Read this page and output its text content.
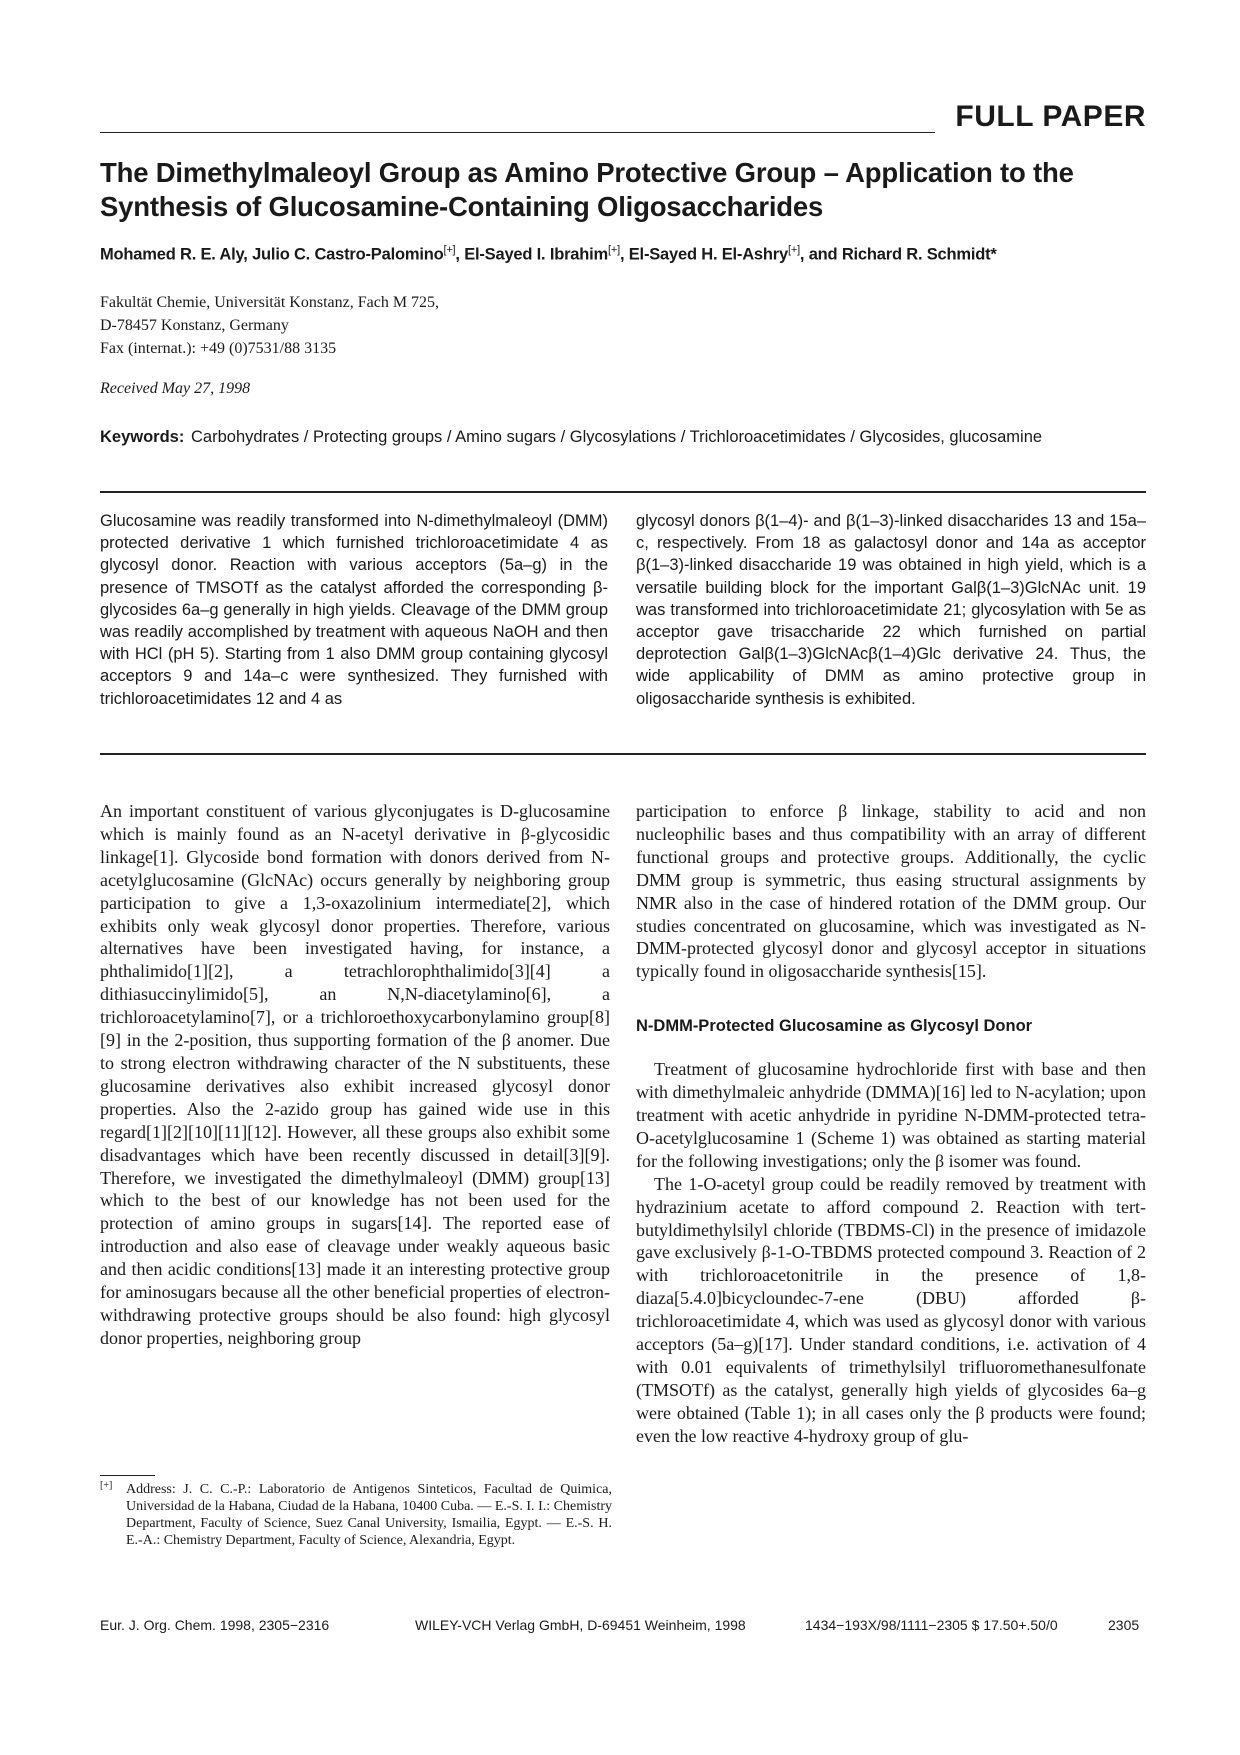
FULL PAPER
The Dimethylmaleoyl Group as Amino Protective Group – Application to the
Synthesis of Glucosamine-Containing Oligosaccharides
Mohamed R. E. Aly, Julio C. Castro-Palomino[+], El-Sayed I. Ibrahim[+], El-Sayed H. El-Ashry[+], and Richard R. Schmidt*
Fakultät Chemie, Universität Konstanz, Fach M 725,
D-78457 Konstanz, Germany
Fax (internat.): +49 (0)7531/88 3135
Received May 27, 1998
Keywords: Carbohydrates / Protecting groups / Amino sugars / Glycosylations / Trichloroacetimidates / Glycosides, glucosamine
Glucosamine was readily transformed into N-dimethylmaleoyl (DMM) protected derivative 1 which furnished trichloroacetimidate 4 as glycosyl donor. Reaction with various acceptors (5a–g) in the presence of TMSOTf as the catalyst afforded the corresponding β-glycosides 6a–g generally in high yields. Cleavage of the DMM group was readily accomplished by treatment with aqueous NaOH and then with HCl (pH 5). Starting from 1 also DMM group containing glycosyl acceptors 9 and 14a–c were synthesized. They furnished with trichloroacetimidates 12 and 4 as
glycosyl donors β(1–4)- and β(1–3)-linked disaccharides 13 and 15a–c, respectively. From 18 as galactosyl donor and 14a as acceptor β(1–3)-linked disaccharide 19 was obtained in high yield, which is a versatile building block for the important Galβ(1–3)GlcNAc unit. 19 was transformed into trichloroacetimidate 21; glycosylation with 5e as acceptor gave trisaccharide 22 which furnished on partial deprotection Galβ(1–3)GlcNAcβ(1–4)Glc derivative 24. Thus, the wide applicability of DMM as amino protective group in oligosaccharide synthesis is exhibited.

An important constituent of various glyconjugates is D-glucosamine which is mainly found as an N-acetyl derivative in β-glycosidic linkage[1]. Glycoside bond formation with donors derived from N-acetylglucosamine (GlcNAc) occurs generally by neighboring group participation to give a 1,3-oxazolinium intermediate[2], which exhibits only weak glycosyl donor properties. Therefore, various alternatives have been investigated having, for instance, a phthalimido[1][2], a tetrachlorophthalimido[3][4] a dithiasuccinylimido[5], an N,N-diacetylamino[6], a trichloroacetylamino[7], or a trichloroethoxycarbonylamino group[8][9] in the 2-position, thus supporting formation of the β anomer. Due to strong electron withdrawing character of the N substituents, these glucosamine derivatives also exhibit increased glycosyl donor properties. Also the 2-azido group has gained wide use in this regard[1][2][10][11][12]. However, all these groups also exhibit some disadvantages which have been recently discussed in detail[3][9]. Therefore, we investigated the dimethylmaleoyl (DMM) group[13] which to the best of our knowledge has not been used for the protection of amino groups in sugars[14]. The reported ease of introduction and also ease of cleavage under weakly aqueous basic and then acidic conditions[13] made it an interesting protective group for aminosugars because all the other beneficial properties of electron-withdrawing protective groups should be also found: high glycosyl donor properties, neighboring group

participation to enforce β linkage, stability to acid and non nucleophilic bases and thus compatibility with an array of different functional groups and protective groups. Additionally, the cyclic DMM group is symmetric, thus easing structural assignments by NMR also in the case of hindered rotation of the DMM group. Our studies concentrated on glucosamine, which was investigated as N-DMM-protected glycosyl donor and glycosyl acceptor in situations typically found in oligosaccharide synthesis[15].

N-DMM-Protected Glucosamine as Glycosyl Donor

Treatment of glucosamine hydrochloride first with base and then with dimethylmaleic anhydride (DMMA)[16] led to N-acylation; upon treatment with acetic anhydride in pyridine N-DMM-protected tetra-O-acetylglucosamine 1 (Scheme 1) was obtained as starting material for the following investigations; only the β isomer was found.

The 1-O-acetyl group could be readily removed by treatment with hydrazinium acetate to afford compound 2. Reaction with tert-butyldimethylsilyl chloride (TBDMS-Cl) in the presence of imidazole gave exclusively β-1-O-TBDMS protected compound 3. Reaction of 2 with trichloroacetonitrile in the presence of 1,8-diaza[5.4.0]bicycloundec-7-ene (DBU) afforded β-trichloroacetimidate 4, which was used as glycosyl donor with various acceptors (5a–g)[17]. Under standard conditions, i.e. activation of 4 with 0.01 equivalents of trimethylsilyl trifluoromethanesulfonate (TMSOTf) as the catalyst, generally high yields of glycosides 6a–g were obtained (Table 1); in all cases only the β products were found; even the low reactive 4-hydroxy group of glu-

[+] Address: J. C. C.-P.: Laboratorio de Antigenos Sinteticos, Facultad de Quimica, Universidad de la Habana, Ciudad de la Habana, 10400 Cuba. — E.-S. I. I.: Chemistry Department, Faculty of Science, Suez Canal University, Ismailia, Egypt. — E.-S. H. E.-A.: Chemistry Department, Faculty of Science, Alexandria, Egypt.
Eur. J. Org. Chem. 1998, 2305−2316	WILEY-VCH Verlag GmbH, D-69451 Weinheim, 1998	1434−193X/98/1111−2305 $ 17.50+.50/0	2305
